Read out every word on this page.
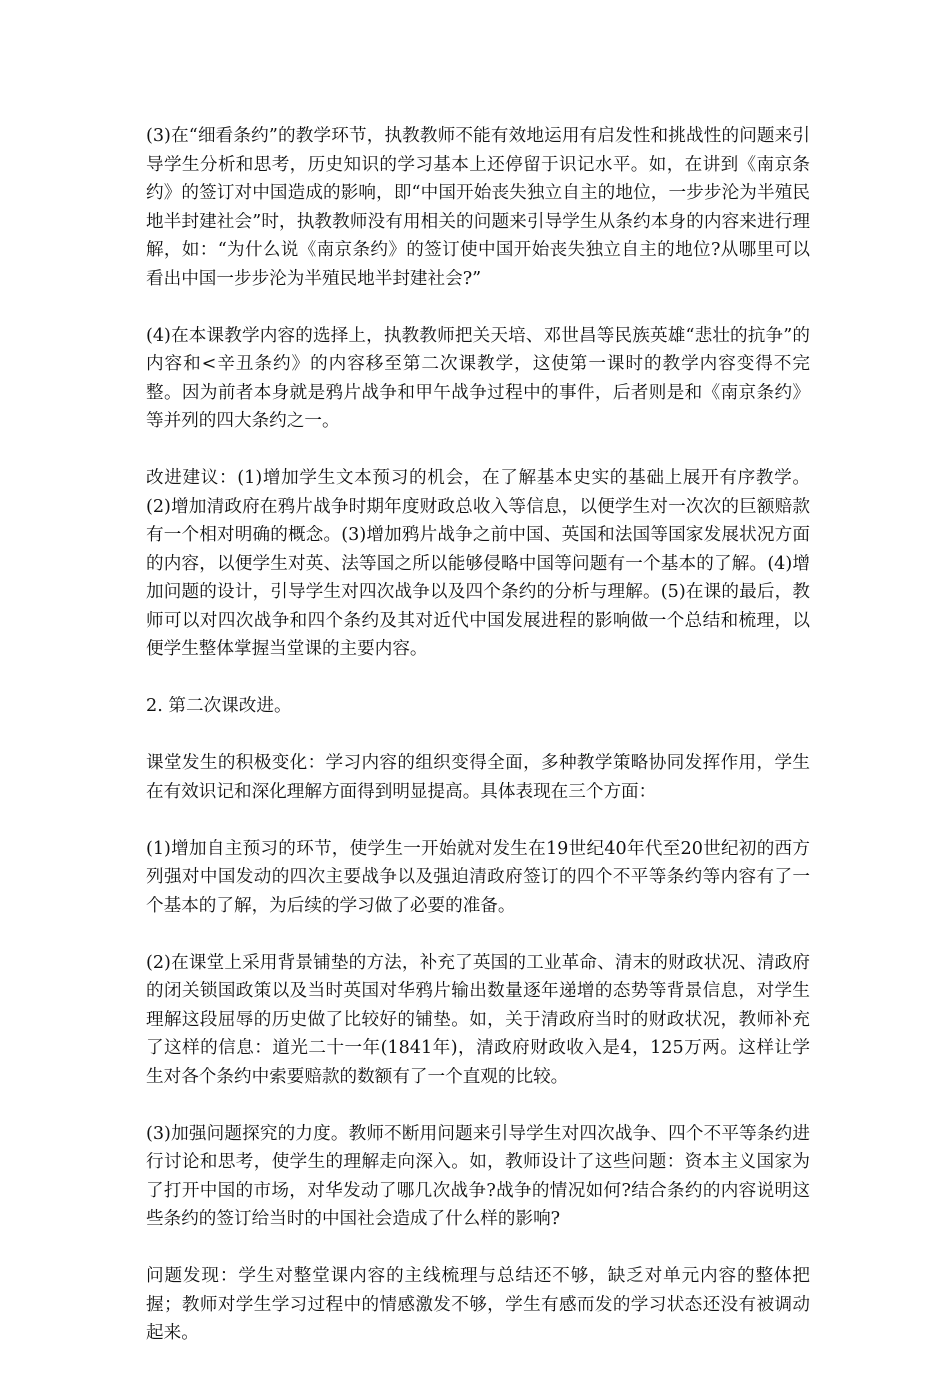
(3)在“细看条约”的教学环节，执教教师不能有效地运用有启发性和挑战性的问题来引导学生分析和思考，历史知识的学习基本上还停留于识记水平。如，在讲到《南京条约》的签订对中国造成的影响，即“中国开始丧失独立自主的地位，一步步沦为半殖民地半封建社会”时，执教教师没有用相关的问题来引导学生从条约本身的内容来进行理解，如：“为什么说《南京条约》的签订使中国开始丧失独立自主的地位?从哪里可以看出中国一步步沦为半殖民地半封建社会?”

(4)在本课教学内容的选择上，执教教师把关天培、邓世昌等民族英雄“悲壮的抗争”的内容和<辛丑条约》的内容移至第二次课教学，这使第一课时的教学内容变得不完整。因为前者本身就是鸦片战争和甲午战争过程中的事件，后者则是和《南京条约》等并列的四大条约之一。

改进建议：(1)增加学生文本预习的机会，在了解基本史实的基础上展开有序教学。(2)增加清政府在鸦片战争时期年度财政总收入等信息，以便学生对一次次的巨额赔款有一个相对明确的概念。(3)增加鸦片战争之前中国、英国和法国等国家发展状况方面的内容，以便学生对英、法等国之所以能够侵略中国等问题有一个基本的了解。(4)增加问题的设计，引导学生对四次战争以及四个条约的分析与理解。(5)在课的最后，教师可以对四次战争和四个条约及其对近代中国发展进程的影响做一个总结和梳理，以便学生整体掌握当堂课的主要内容。

2. 第二次课改进。

课堂发生的积极变化：学习内容的组织变得全面，多种教学策略协同发挥作用，学生在有效识记和深化理解方面得到明显提高。具体表现在三个方面：

(1)增加自主预习的环节，使学生一开始就对发生在19世纪40年代至20世纪初的西方列强对中国发动的四次主要战争以及强迫清政府签订的四个不平等条约等内容有了一个基本的了解，为后续的学习做了必要的准备。

(2)在课堂上采用背景铺垫的方法，补充了英国的工业革命、清末的财政状况、清政府的闭关锁国政策以及当时英国对华鸦片输出数量逐年递增的态势等背景信息，对学生理解这段屈辱的历史做了比较好的铺垫。如，关于清政府当时的财政状况，教师补充了这样的信息：道光二十一年(1841年)，清政府财政收入是4，125万两。这样让学生对各个条约中索要赔款的数额有了一个直观的比较。

(3)加强问题探究的力度。教师不断用问题来引导学生对四次战争、四个不平等条约进行讨论和思考，使学生的理解走向深入。如，教师设计了这些问题：资本主义国家为了打开中国的市场，对华发动了哪几次战争?战争的情况如何?结合条约的内容说明这些条约的签订给当时的中国社会造成了什么样的影响?

问题发现：学生对整堂课内容的主线梳理与总结还不够，缺乏对单元内容的整体把握；教师对学生学习过程中的情感激发不够，学生有感而发的学习状态还没有被调动起来。
